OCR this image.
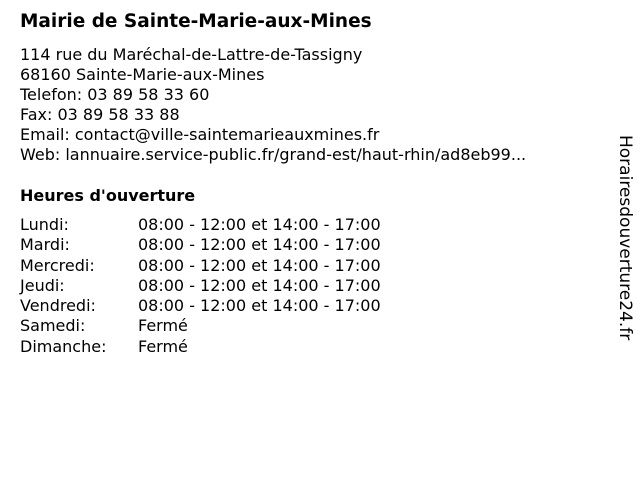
Mairie de Sainte-Marie-aux-Mines
114 rue du Maréchal-de-Lattre-de-Tassigny
68160 Sainte-Marie-aux-Mines
Telefon: 03 89 58 33 60
Fax: 03 89 58 33 88
Email: contact@ville-saintemarieauxmines.fr
Web: lannuaire.service-public.fr/grand-est/haut-rhin/ad8eb99...
Heures d'ouverture
Lundi:	08:00 - 12:00 et 14:00 - 17:00
Mardi:	08:00 - 12:00 et 14:00 - 17:00
Mercredi:	08:00 - 12:00 et 14:00 - 17:00
Jeudi:	08:00 - 12:00 et 14:00 - 17:00
Vendredi:	08:00 - 12:00 et 14:00 - 17:00
Samedi:	Fermé
Dimanche:	Fermé
Horairesdouverture24.fr
